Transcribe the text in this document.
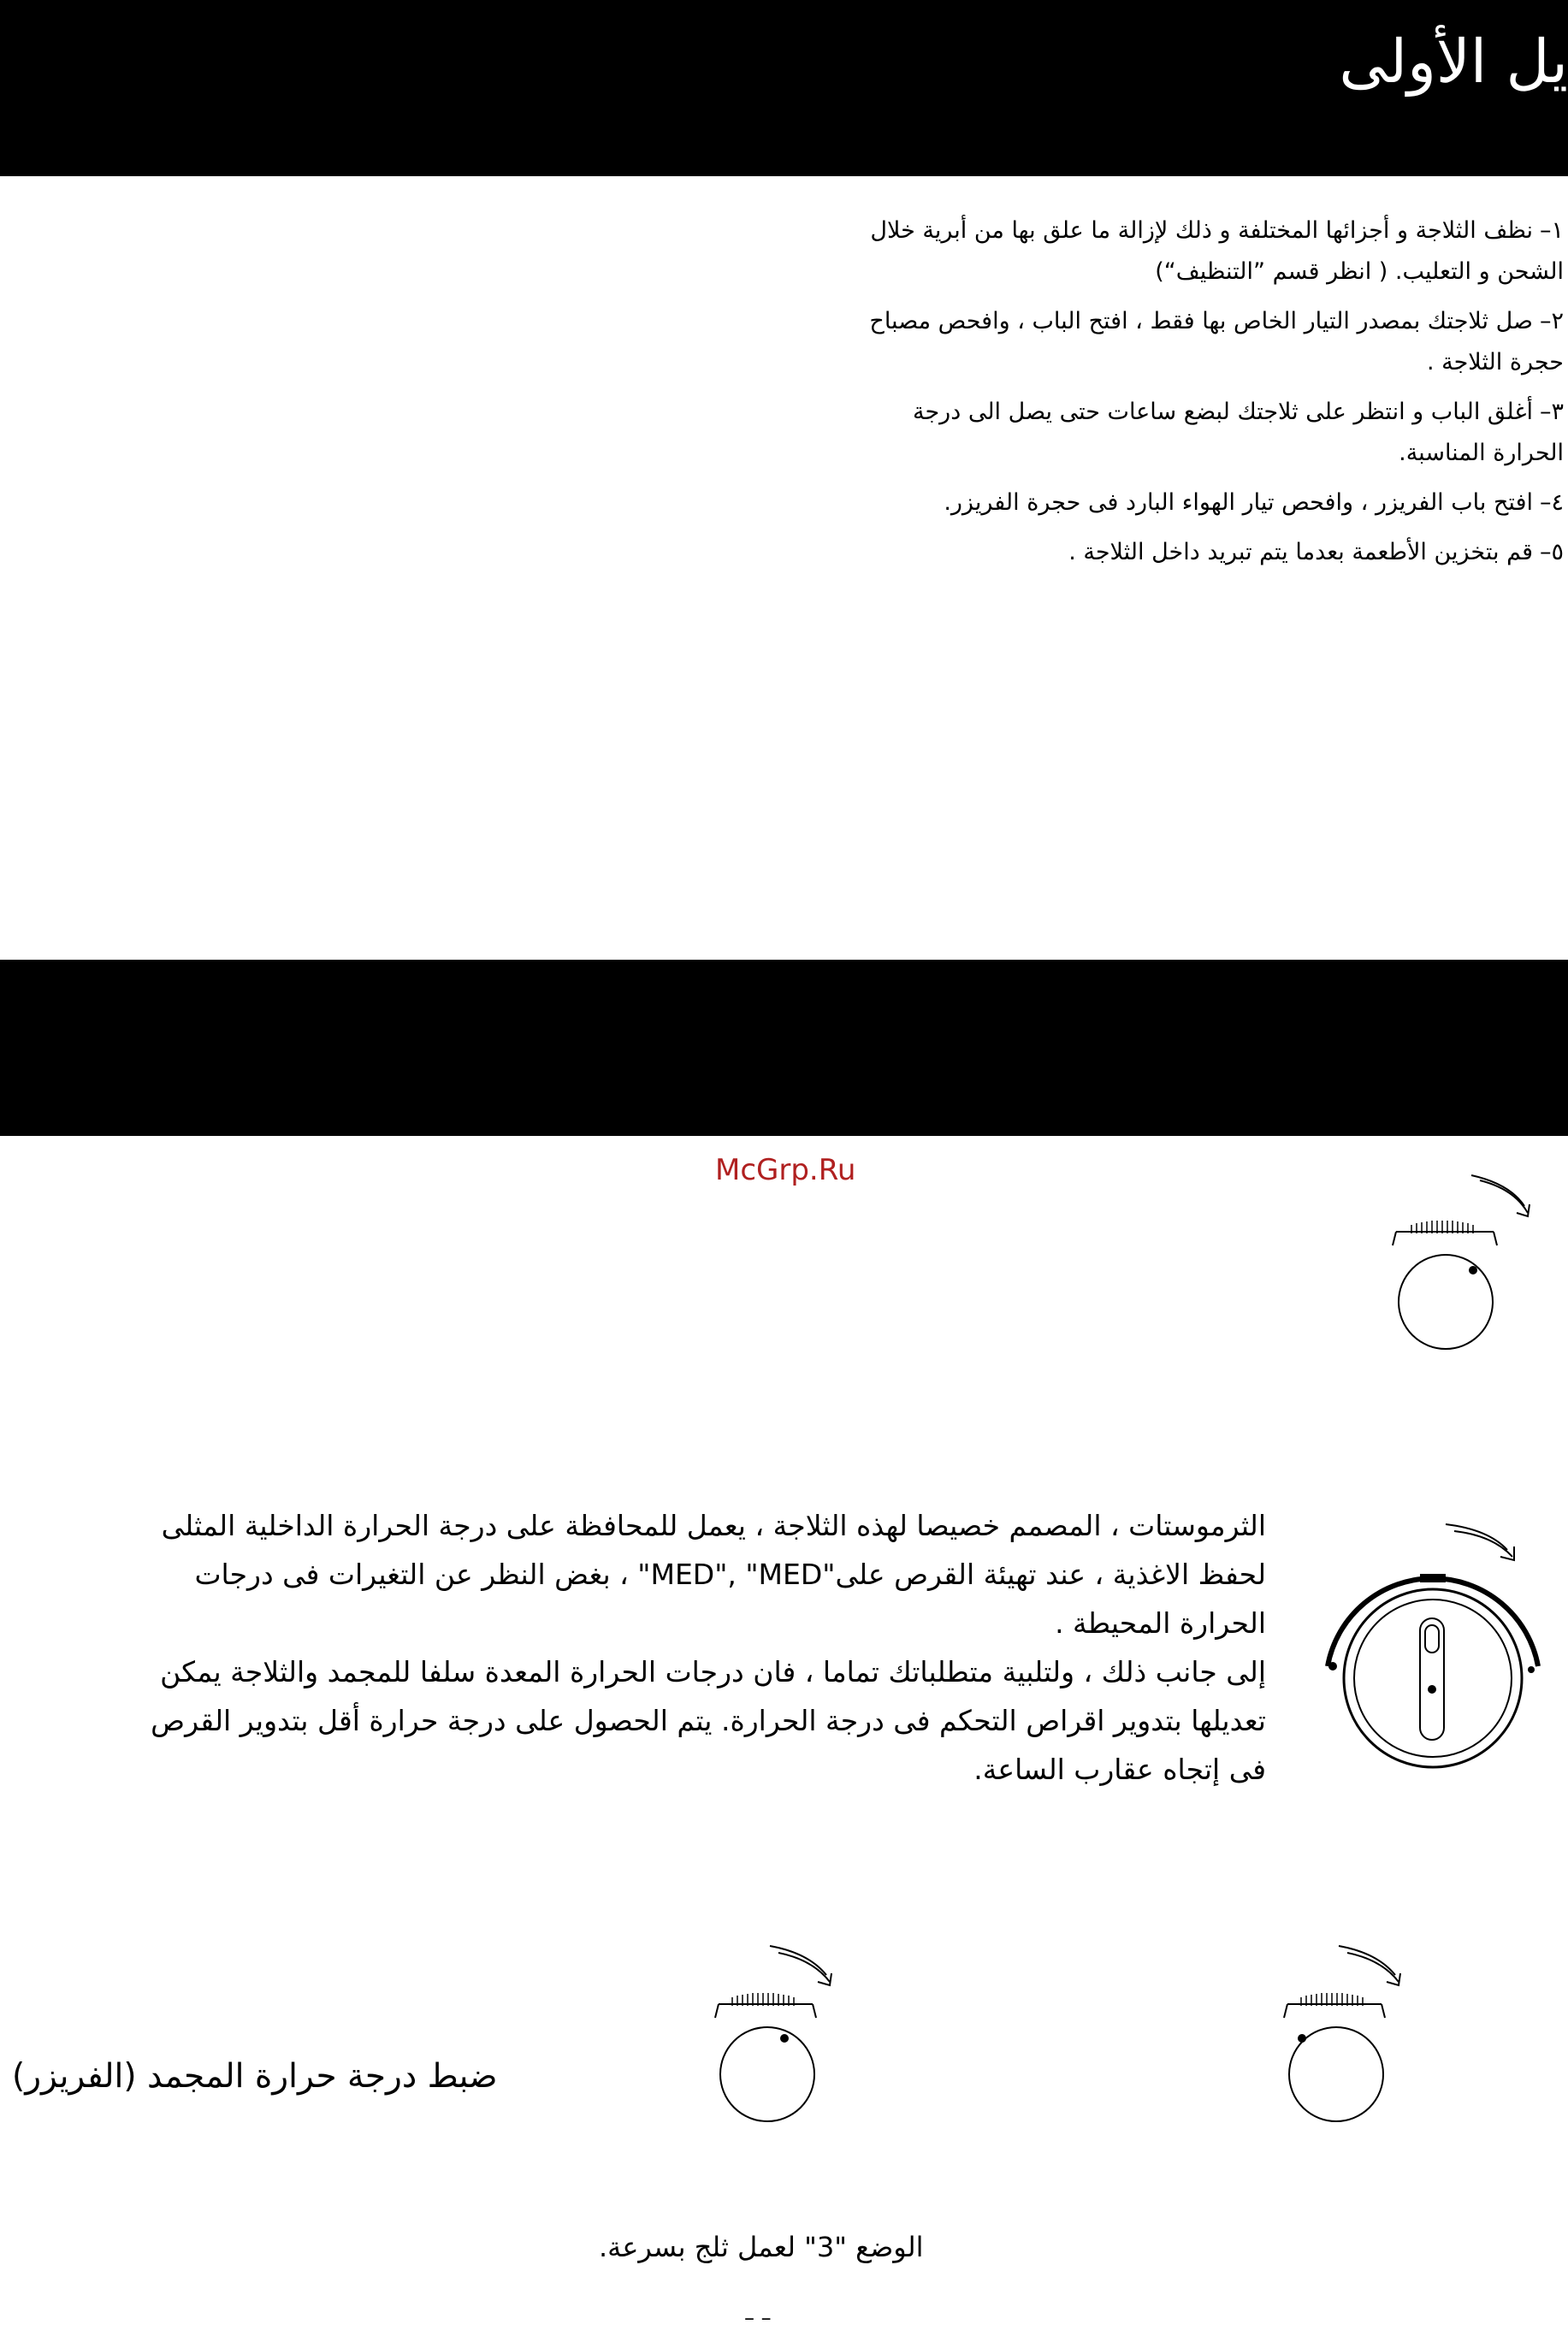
يل الأولى
١–نظف الثلاجة و أجزائها المختلفة و ذلك لإزالة ما علق بها من أبرية خلال الشحن و التعليب. ( انظر قسم ”التنظيف“)
٢–صل ثلاجتك بمصدر التيار الخاص بها فقط ، افتح الباب ، وافحص مصباح حجرة الثلاجة .
٣–أغلق الباب و انتظر على ثلاجتك لبضع ساعات حتى يصل الى درجة الحرارة المناسبة.
٤–افتح باب الفريزر ، وافحص تيار الهواء البارد فى حجرة الفريزر.
٥–قم بتخزين الأطعمة بعدما يتم تبريد داخل الثلاجة .
McGrp.Ru

الثرموستات ، المصمم خصيصا لهذه الثلاجة ، يعمل للمحافظة على درجة الحرارة الداخلية المثلى لحفظ الاغذية ، عند تهيئة القرص على"MED", "MED" ، بغض النظر عن التغيرات فى درجات الحرارة المحيطة .

إلى جانب ذلك ، ولتلبية متطلباتك تماما ، فان درجات الحرارة المعدة سلفا للمجمد والثلاجة يمكن تعديلها بتدوير اقراص التحكم فى درجة الحرارة. يتم الحصول على درجة حرارة أقل بتدوير القرص فى إتجاه عقارب الساعة.

ضبط درجة حرارة المجمد (الفريزر)
الوضع "3" لعمل ثلج بسرعة.
– –
